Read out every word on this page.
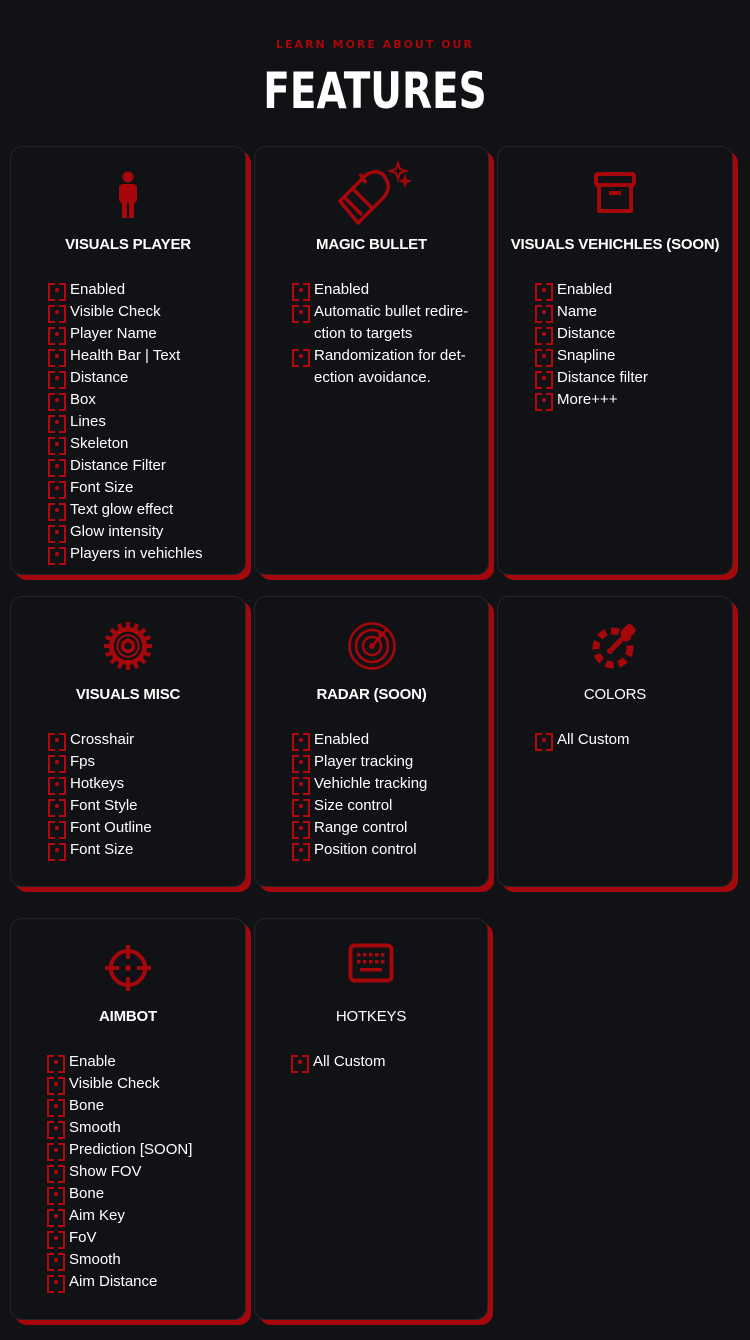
LEARN MORE ABOUT OUR
FEATURES
VISUALS PLAYER
Enabled
Visible Check
Player Name
Health Bar | Text
Distance
Box
Lines
Skeleton
Distance Filter
Font Size
Text glow effect
Glow intensity
Players in vehichles
MAGIC BULLET
Enabled
Automatic bullet redire-
ction to targets
Randomization for det-
ection avoidance.
VISUALS VEHICHLES (SOON)
Enabled
Name
Distance
Snapline
Distance filter
More+++
VISUALS MISC
Crosshair
Fps
Hotkeys
Font Style
Font Outline
Font Size
RADAR (SOON)
Enabled
Player tracking
Vehichle tracking
Size control
Range control
Position control
COLORS
All Custom
AIMBOT
Enable
Visible Check
Bone
Smooth
Prediction [SOON]
Show FOV
Bone
Aim Key
FoV
Smooth
Aim Distance
HOTKEYS
All Custom
